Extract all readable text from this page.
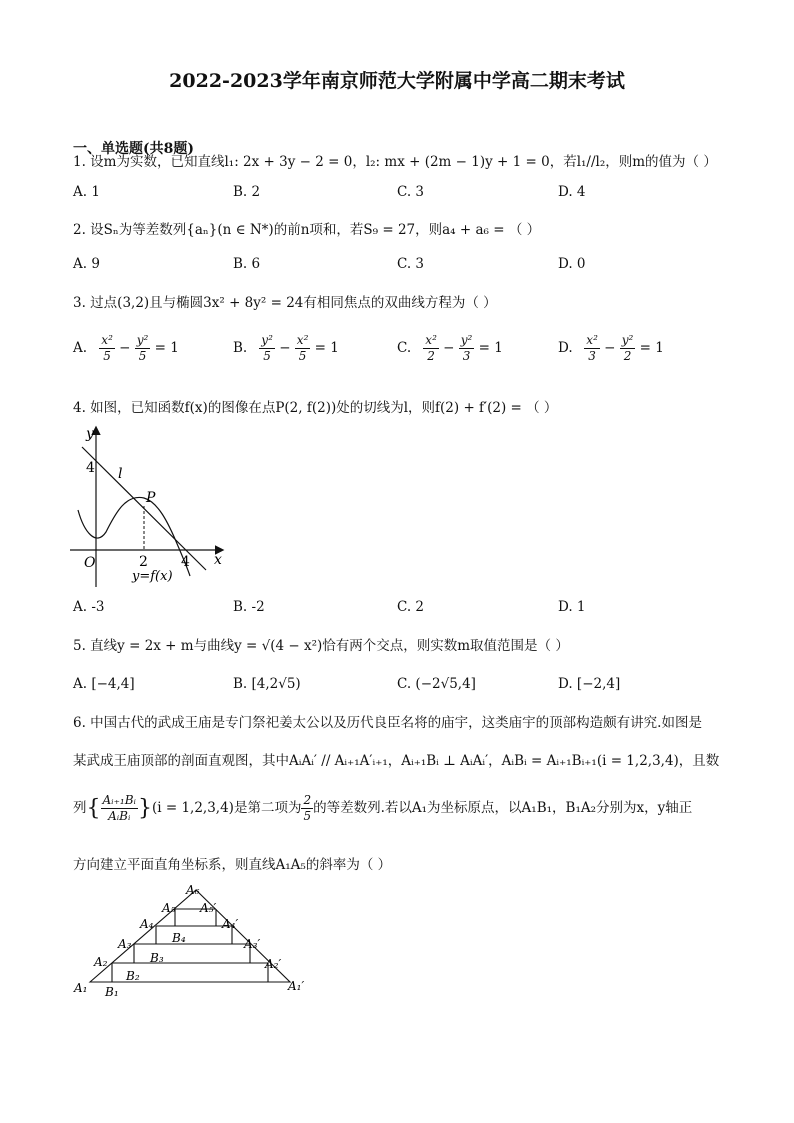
2022-2023学年南京师范大学附属中学高二期末考试
一、单选题(共8题)
1. 设m为实数，已知直线l₁: 2x + 3y − 2 = 0，l₂: mx + (2m − 1)y + 1 = 0，若l₁//l₂，则m的值为（ ）
A. 1	B. 2	C. 3	D. 4
2. 设Sₙ为等差数列{aₙ}(n ∈ N*)的前n项和，若S₉ = 27，则a₄ + a₆ = （ ）
A. 9	B. 6	C. 3	D. 0
3. 过点(3,2)且与椭圆3x² + 8y² = 24有相同焦点的双曲线方程为（ ）
A. $\frac{\text{x²}}{5} - \frac{\text{y²}}{5} = 1$	B. $\frac{\text{y²}}{5} - \frac{\text{x²}}{5} = 1$	C. $\frac{\text{x²}}{2} - \frac{\text{y²}}{3} = 1$	D. $\frac{\text{x²}}{3} - \frac{\text{y²}}{2} = 1$
4. 如图，已知函数f(x)的图像在点P(2, f(2))处的切线为l，则f(2) + f′(2) = （ ）
y
x
O
4 l
P
2 4
y=f(x)
A. -3	B. -2	C. 2	D. 1
5. 直线y = 2x + m与曲线y = √(4 − x²)恰有两个交点，则实数m取值范围是（ ）
A. [−4,4]	B. [4,2√5)	C. (−2√5,4]	D. [−2,4]
6. 中国古代的武成王庙是专门祭祀姜太公以及历代良臣名将的庙宇，这类庙宇的顶部构造颇有讲究.如图是
某武成王庙顶部的剖面直观图，其中AᵢAᵢ′ // Aᵢ₊₁A′ᵢ₊₁，Aᵢ₊₁Bᵢ ⊥ AᵢAᵢ′，AᵢBᵢ = Aᵢ₊₁Bᵢ₊₁(i = 1,2,3,4)，且数
列{ $\frac{\text{Aᵢ₊₁Bᵢ}}{\text{AᵢBᵢ}} \}(i = 1,2,3,4)$是第二项为 $\frac{2}{5}$ 的等差数列.若以A₁为坐标原点，以A₁B₁，B₁A₂分别为x，y轴正
方向建立平面直角坐标系，则直线A₁A₅的斜率为（ ）
A₁ B₁	A₁′
A₂
B₂
A₂′
A₃
B₃
A₃′
A₄
B₄
A₄′
A₅ A₅′
A₆
